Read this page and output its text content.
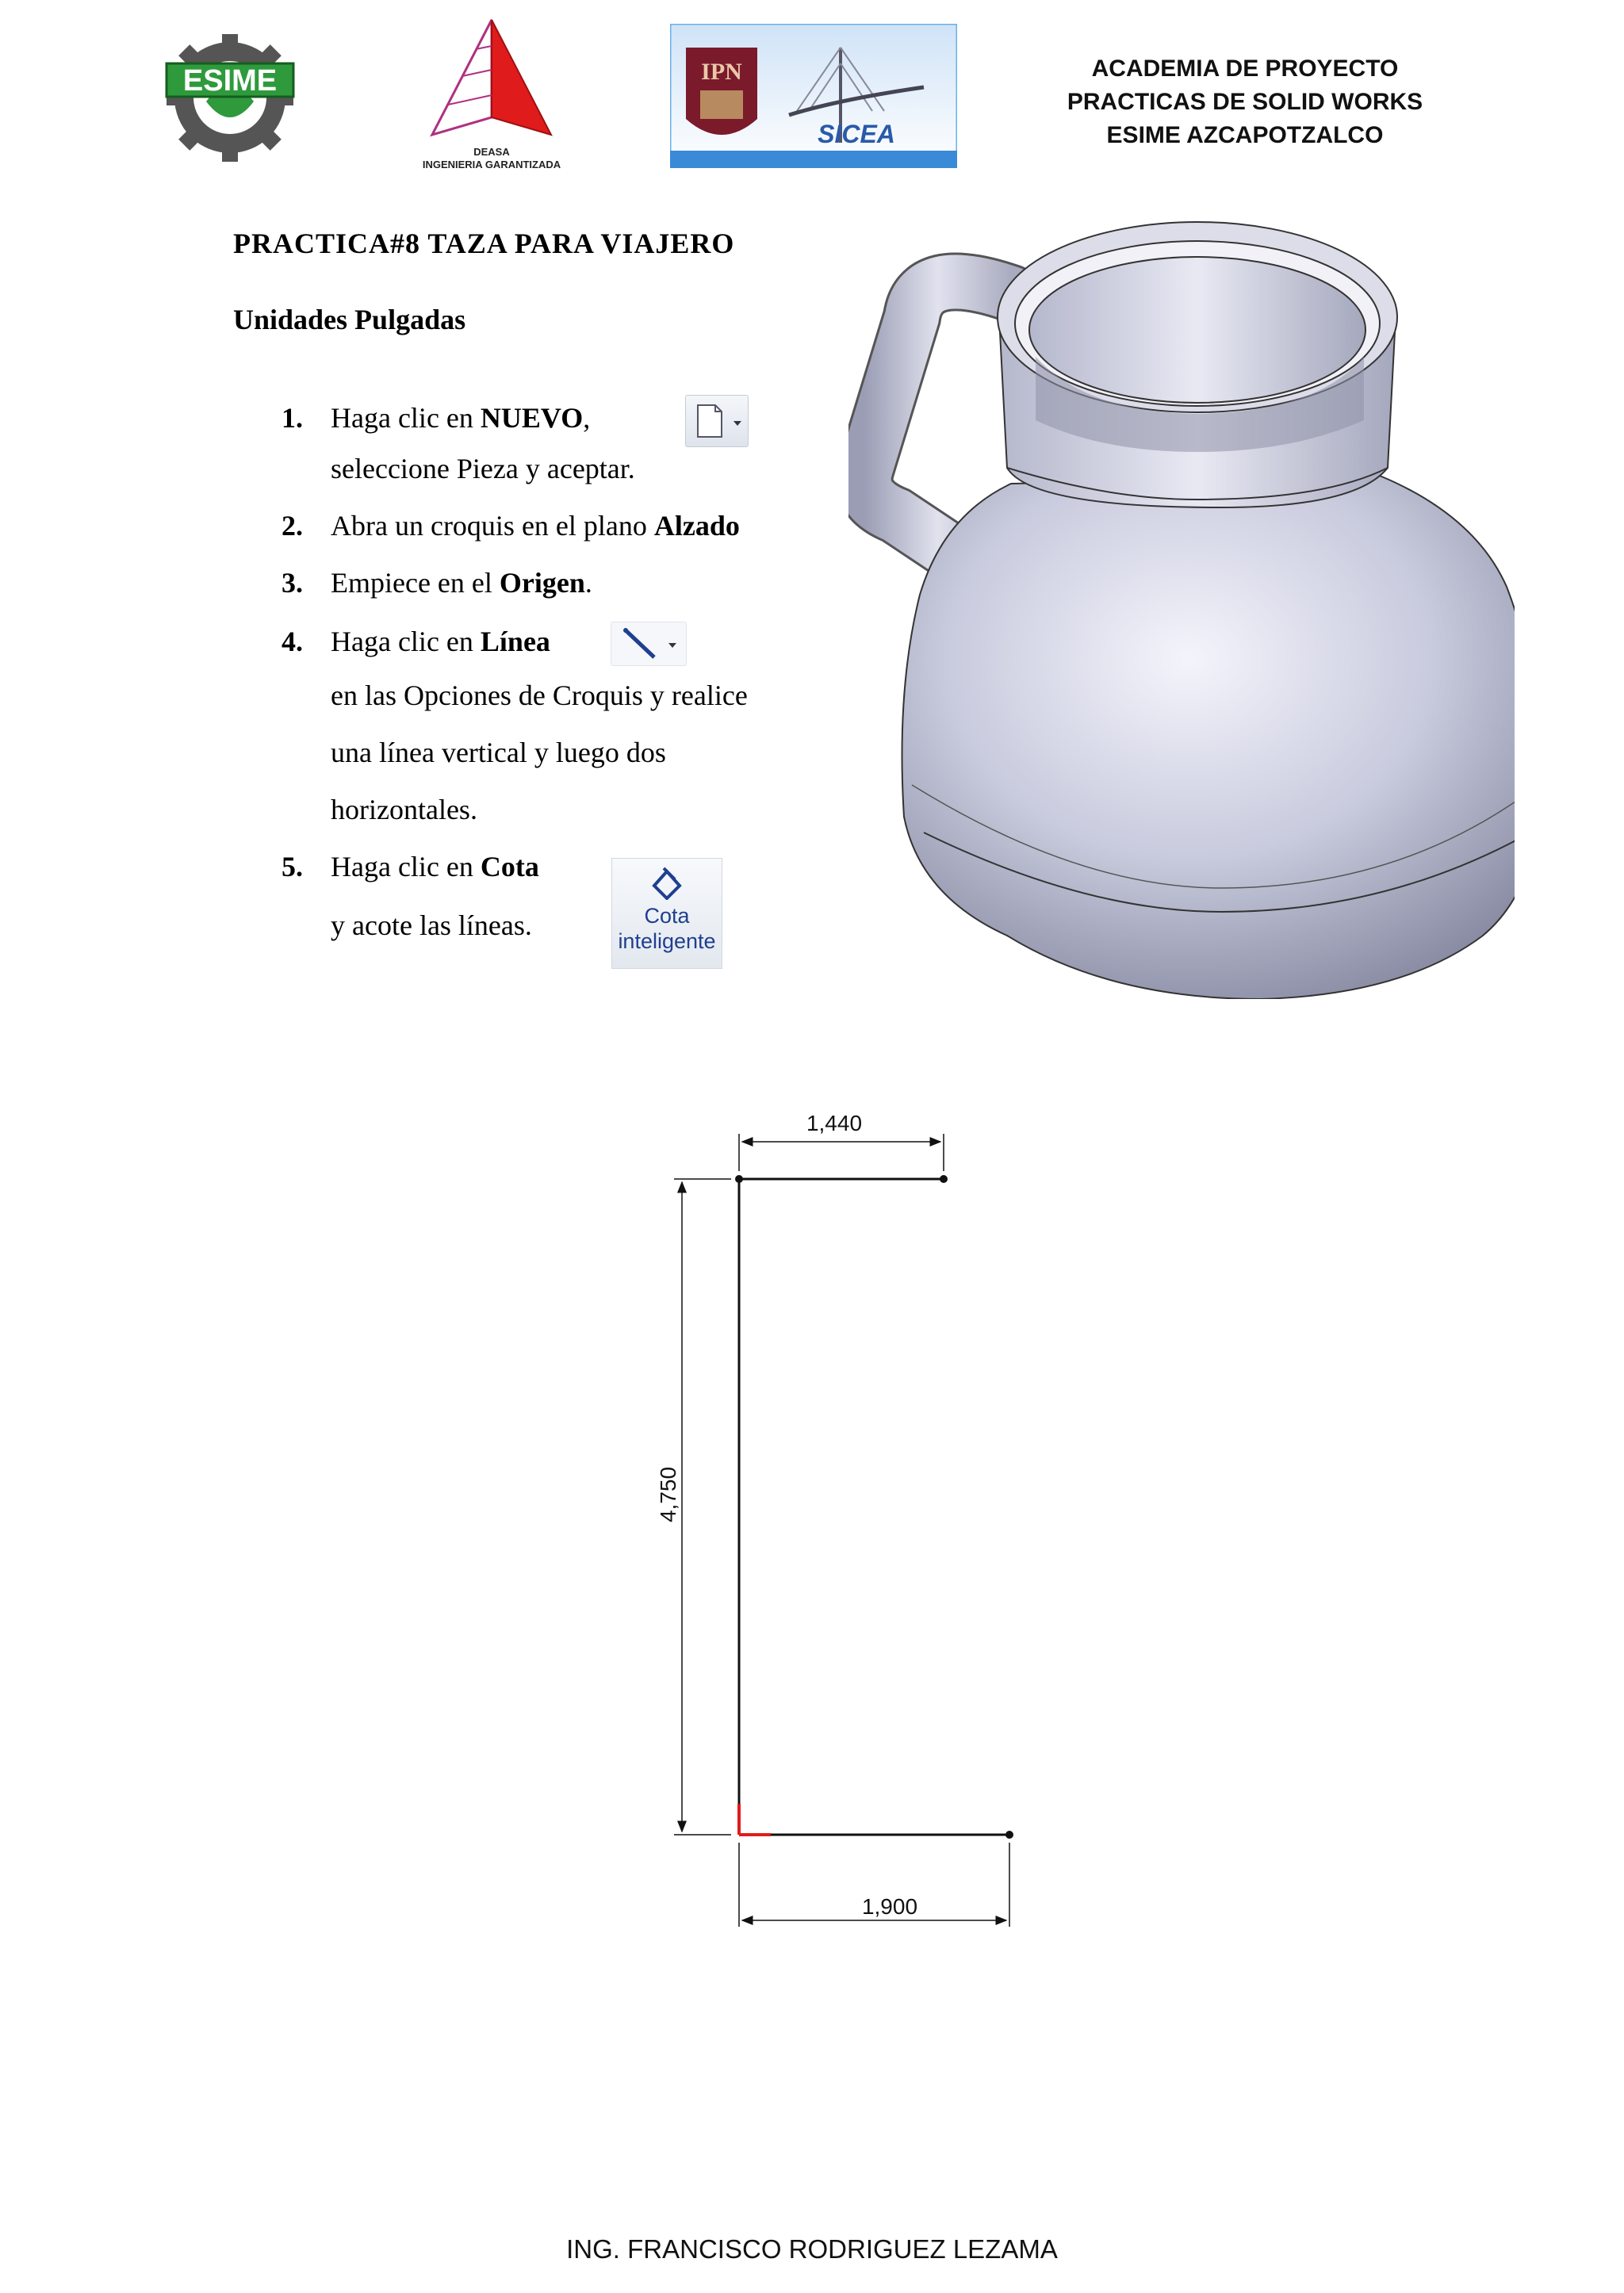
ESIME
DEASA
INGENIERIA GARANTIZADA
IPN
SICEA
ACADEMIA DE PROYECTO
PRACTICAS DE SOLID WORKS
ESIME AZCAPOTZALCO
PRACTICA#8 TAZA PARA VIAJERO
Unidades Pulgadas
1. Haga clic en NUEVO,
seleccione Pieza y aceptar.
2. Abra un croquis en el plano Alzado
3. Empiece en el Origen.
4. Haga clic en Línea
en las Opciones de Croquis y realice
una línea vertical y luego dos
horizontales.
5. Haga clic en Cota
y acote las líneas.	Cota
inteligente
1,440
4,750
1,900
ING. FRANCISCO RODRIGUEZ LEZAMA
